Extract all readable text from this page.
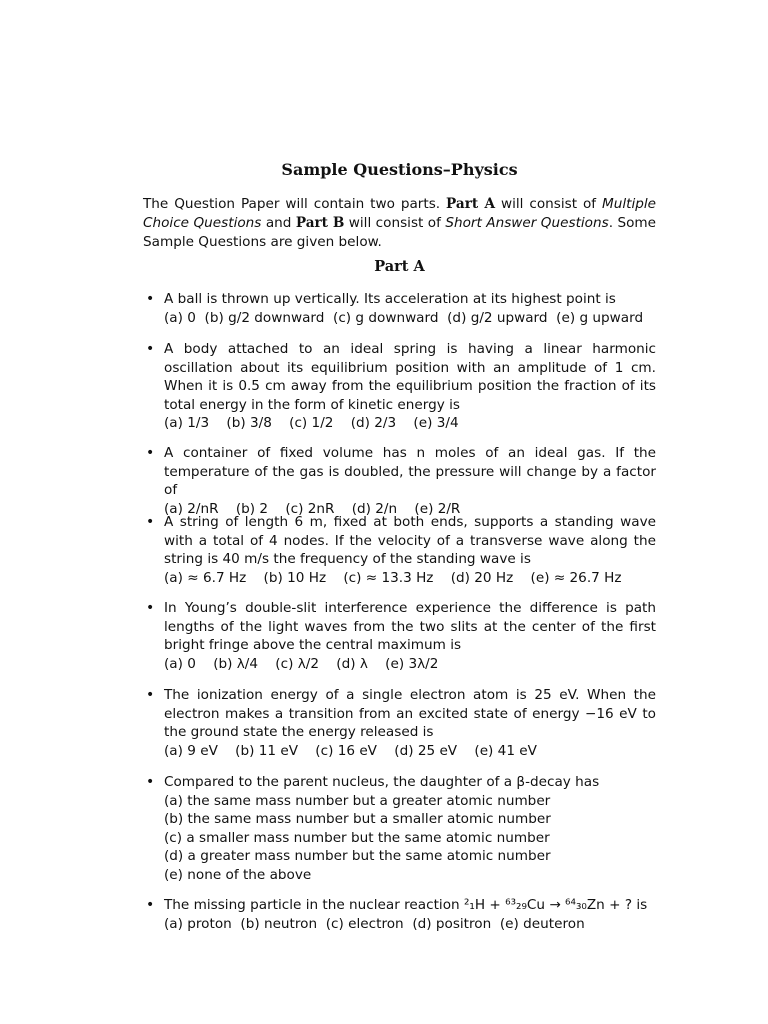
Sample Questions–Physics
The Question Paper will contain two parts. Part A will consist of Multiple Choice Questions and Part B will consist of Short Answer Questions. Some Sample Questions are given below.
Part A
• A ball is thrown up vertically. Its acceleration at its highest point is
(a) 0  (b) g/2 downward  (c) g downward  (d) g/2 upward  (e) g upward
• A body attached to an ideal spring is having a linear harmonic oscillation about its equilibrium position with an amplitude of 1 cm. When it is 0.5 cm away from the equilibrium position the fraction of its total energy in the form of kinetic energy is
(a) 1/3    (b) 3/8    (c) 1/2    (d) 2/3    (e) 3/4
• A container of fixed volume has n moles of an ideal gas. If the temperature of the gas is doubled, the pressure will change by a factor of
(a) 2/nR    (b) 2    (c) 2nR    (d) 2/n    (e) 2/R
• A string of length 6 m, fixed at both ends, supports a standing wave with a total of 4 nodes. If the velocity of a transverse wave along the string is 40 m/s the frequency of the standing wave is
(a) ≈ 6.7 Hz    (b) 10 Hz    (c) ≈ 13.3 Hz    (d) 20 Hz    (e) ≈ 26.7 Hz
• In Young’s double-slit interference experience the difference is path lengths of the light waves from the two slits at the center of the first bright fringe above the central maximum is
(a) 0    (b) λ/4    (c) λ/2    (d) λ    (e) 3λ/2
• The ionization energy of a single electron atom is 25 eV. When the electron makes a transition from an excited state of energy −16 eV to the ground state the energy released is
(a) 9 eV    (b) 11 eV    (c) 16 eV    (d) 25 eV    (e) 41 eV
• Compared to the parent nucleus, the daughter of a β-decay has
(a) the same mass number but a greater atomic number
(b) the same mass number but a smaller atomic number
(c) a smaller mass number but the same atomic number
(d) a greater mass number but the same atomic number
(e) none of the above
• The missing particle in the nuclear reaction ²₁H + ⁶³₂₉Cu → ⁶⁴₃₀Zn + ? is
(a) proton  (b) neutron  (c) electron  (d) positron  (e) deuteron
